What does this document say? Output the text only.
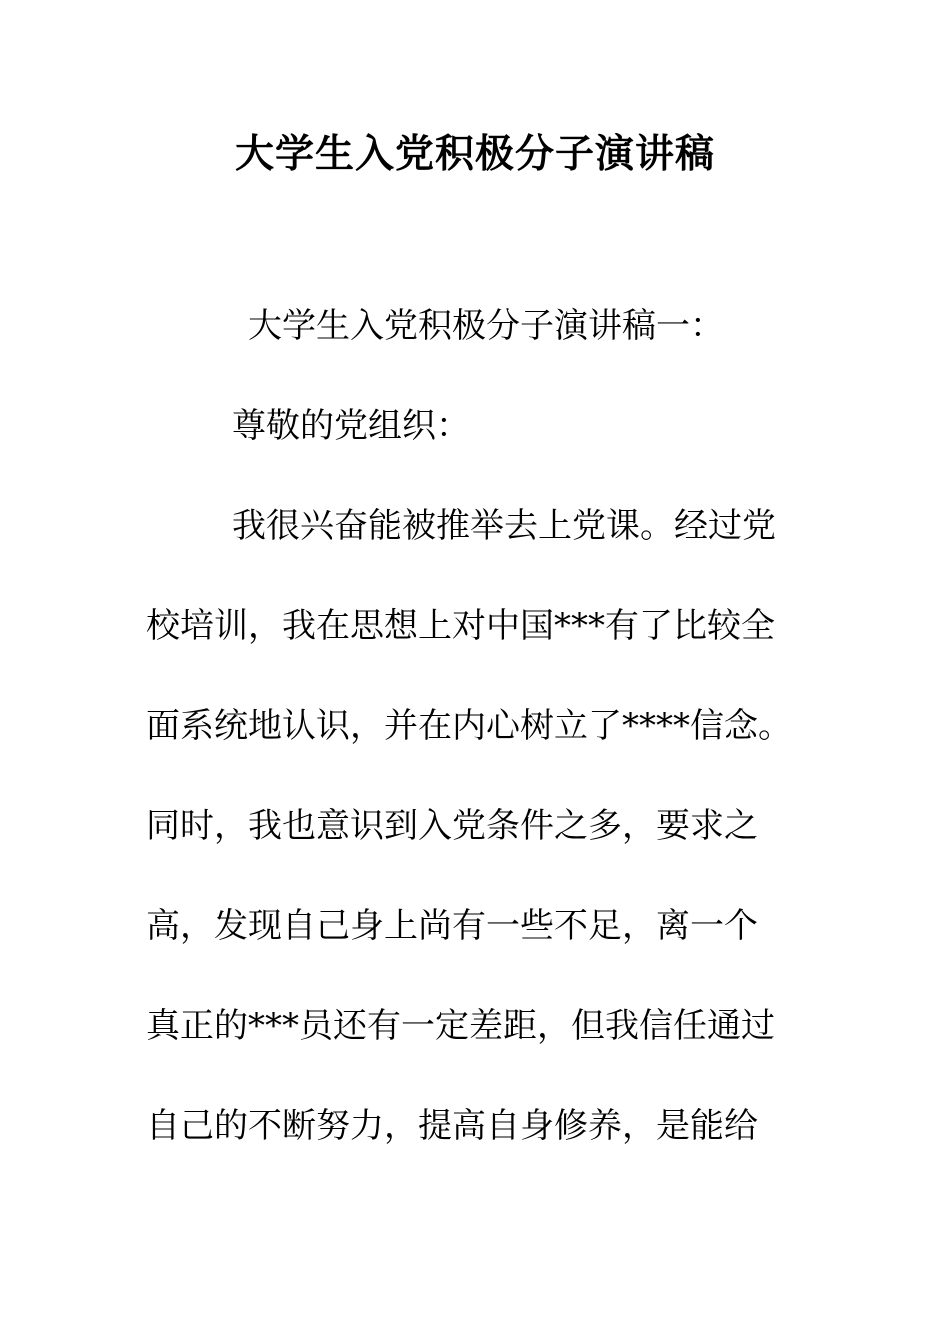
大学生入党积极分子演讲稿
大学生入党积极分子演讲稿一：
尊敬的党组织：
我很兴奋能被推举去上党课。经过党
校培训，我在思想上对中国***有了比较全
面系统地认识，并在内心树立了****信念。
同时，我也意识到入党条件之多，要求之
高，发现自己身上尚有一些不足，离一个
真正的***员还有一定差距，但我信任通过
自己的不断努力，提高自身修养，是能给
